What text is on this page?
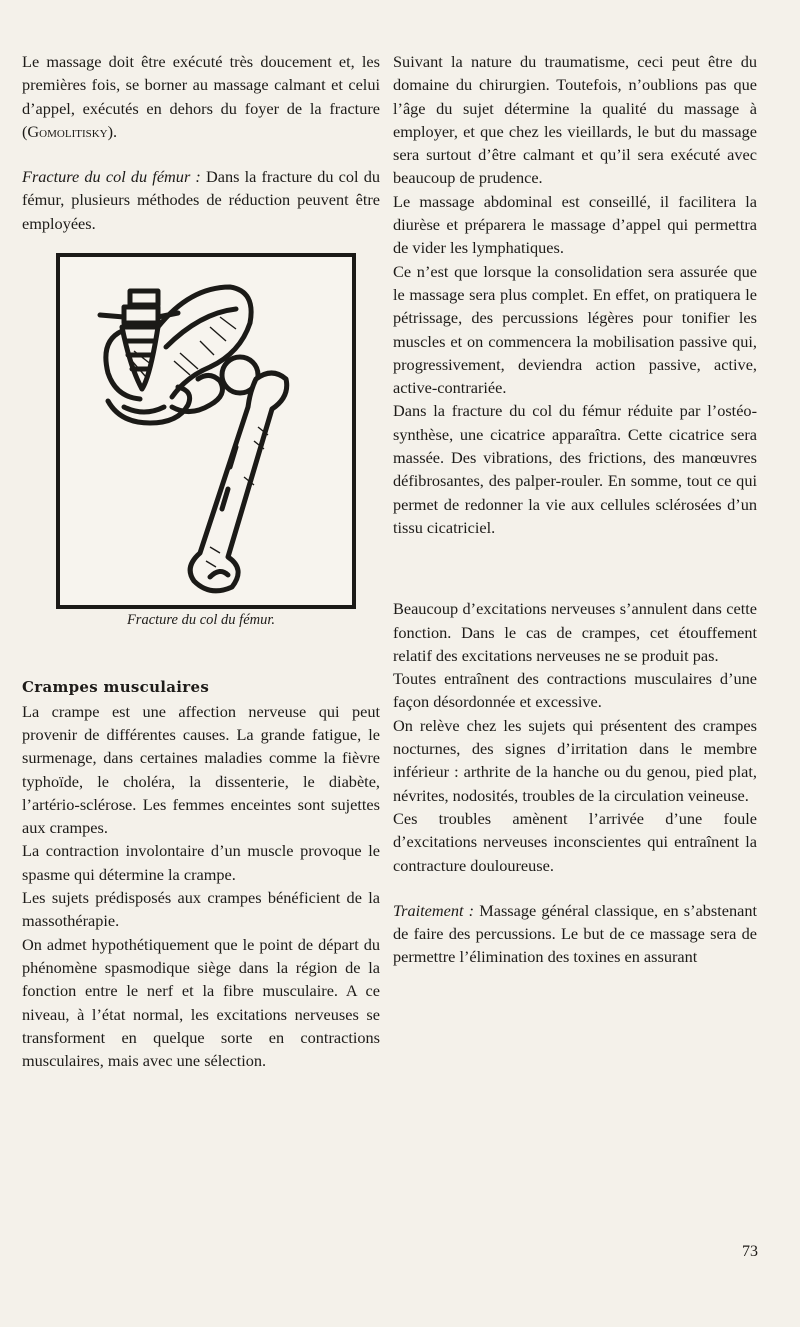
Le massage doit être exécuté très doucement et, les premières fois, se borner au massage calmant et celui d’appel, exécutés en dehors du foyer de la fracture (Gomolitisky).

Fracture du col du fémur : Dans la fracture du col du fémur, plusieurs méthodes de réduction peuvent être employées.

Fracture du col du fémur.

Crampes musculaires

La crampe est une affection nerveuse qui peut provenir de différentes causes. La grande fatigue, le surmenage, dans certaines maladies comme la fièvre typhoïde, le choléra, la dissenterie, le diabète, l’artério-sclérose. Les femmes enceintes sont sujettes aux crampes.

La contraction involontaire d’un muscle provoque le spasme qui détermine la crampe.

Les sujets prédisposés aux crampes bénéficient de la massothérapie.

On admet hypothétiquement que le point de départ du phénomène spasmodique siège dans la région de la fonction entre le nerf et la fibre musculaire. A ce niveau, à l’état normal, les excitations nerveuses se transforment en quelque sorte en contractions musculaires, mais avec une sélection.

Suivant la nature du traumatisme, ceci peut être du domaine du chirurgien. Toutefois, n’oublions pas que l’âge du sujet détermine la qualité du massage à employer, et que chez les vieillards, le but du massage sera surtout d’être calmant et qu’il sera exécuté avec beaucoup de prudence.

Le massage abdominal est conseillé, il facilitera la diurèse et préparera le massage d’appel qui permettra de vider les lymphatiques.

Ce n’est que lorsque la consolidation sera assurée que le massage sera plus complet. En effet, on pratiquera le pétrissage, des percussions légères pour tonifier les muscles et on commencera la mobilisation passive qui, progressivement, deviendra action passive, active, active-contrariée.

Dans la fracture du col du fémur réduite par l’ostéo-synthèse, une cicatrice apparaîtra. Cette cicatrice sera massée. Des vibrations, des frictions, des manœuvres défibrosantes, des palper-rouler. En somme, tout ce qui permet de redonner la vie aux cellules sclérosées d’un tissu cicatriciel.

Beaucoup d’excitations nerveuses s’annulent dans cette fonction. Dans le cas de crampes, cet étouffement relatif des excitations nerveuses ne se produit pas.

Toutes entraînent des contractions musculaires d’une façon désordonnée et excessive.

On relève chez les sujets qui présentent des crampes nocturnes, des signes d’irritation dans le membre inférieur : arthrite de la hanche ou du genou, pied plat, névrites, nodosités, troubles de la circulation veineuse.

Ces troubles amènent l’arrivée d’une foule d’excitations nerveuses inconscientes qui entraînent la contracture douloureuse.

Traitement : Massage général classique, en s’abstenant de faire des percussions. Le but de ce massage sera de permettre l’élimination des toxines en assurant

73
